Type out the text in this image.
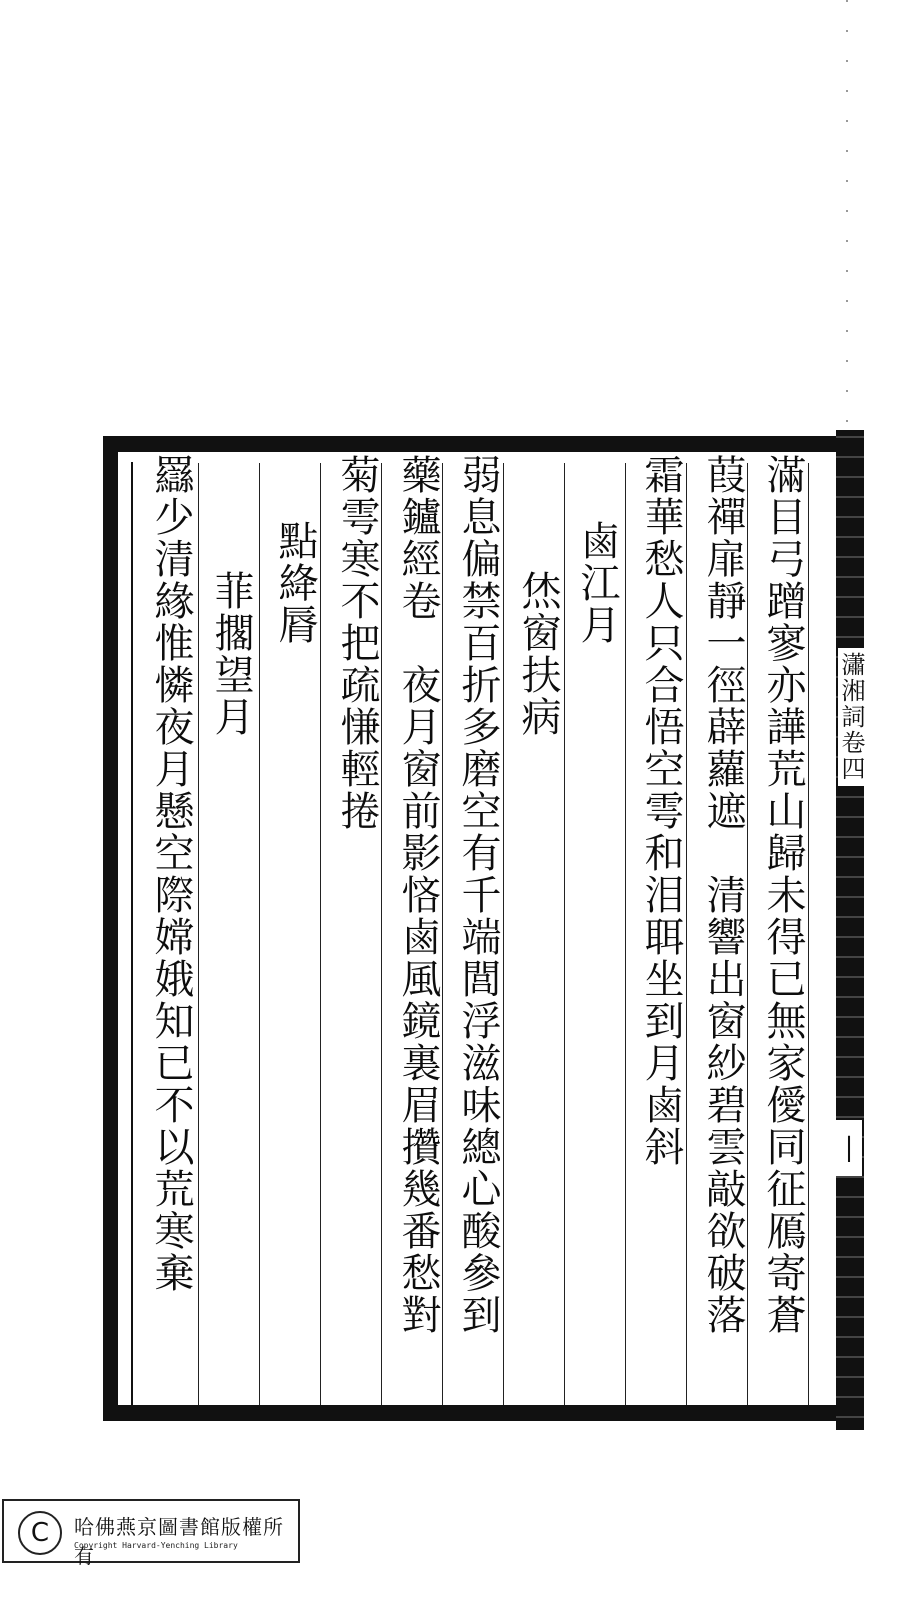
瀟湘詞卷四
|
滿目弓蹭寥亦譁荒山歸未得已無家僾同征鴈寄蒼
葭禪扉靜一徑薜蘿遮　清響出窗紗碧雲敲欲破落
霜華愁人只合悟空雩和泪聑坐到月鹵斜
鹵江月
烋窗扶病
弱息偏禁百折多磨空有千端閭浮滋味總心酸參到
藥鑪經卷　夜月窗前影悋鹵風鏡裏眉攢幾番愁對
菊雩寒不把疏慊輕捲
點絳脣
菲擱望月
羉少清緣惟憐夜月懸空際嫦娥知已不以荒寒棄
C	哈佛燕京圖書館版權所有
Copyright Harvard-Yenching Library
